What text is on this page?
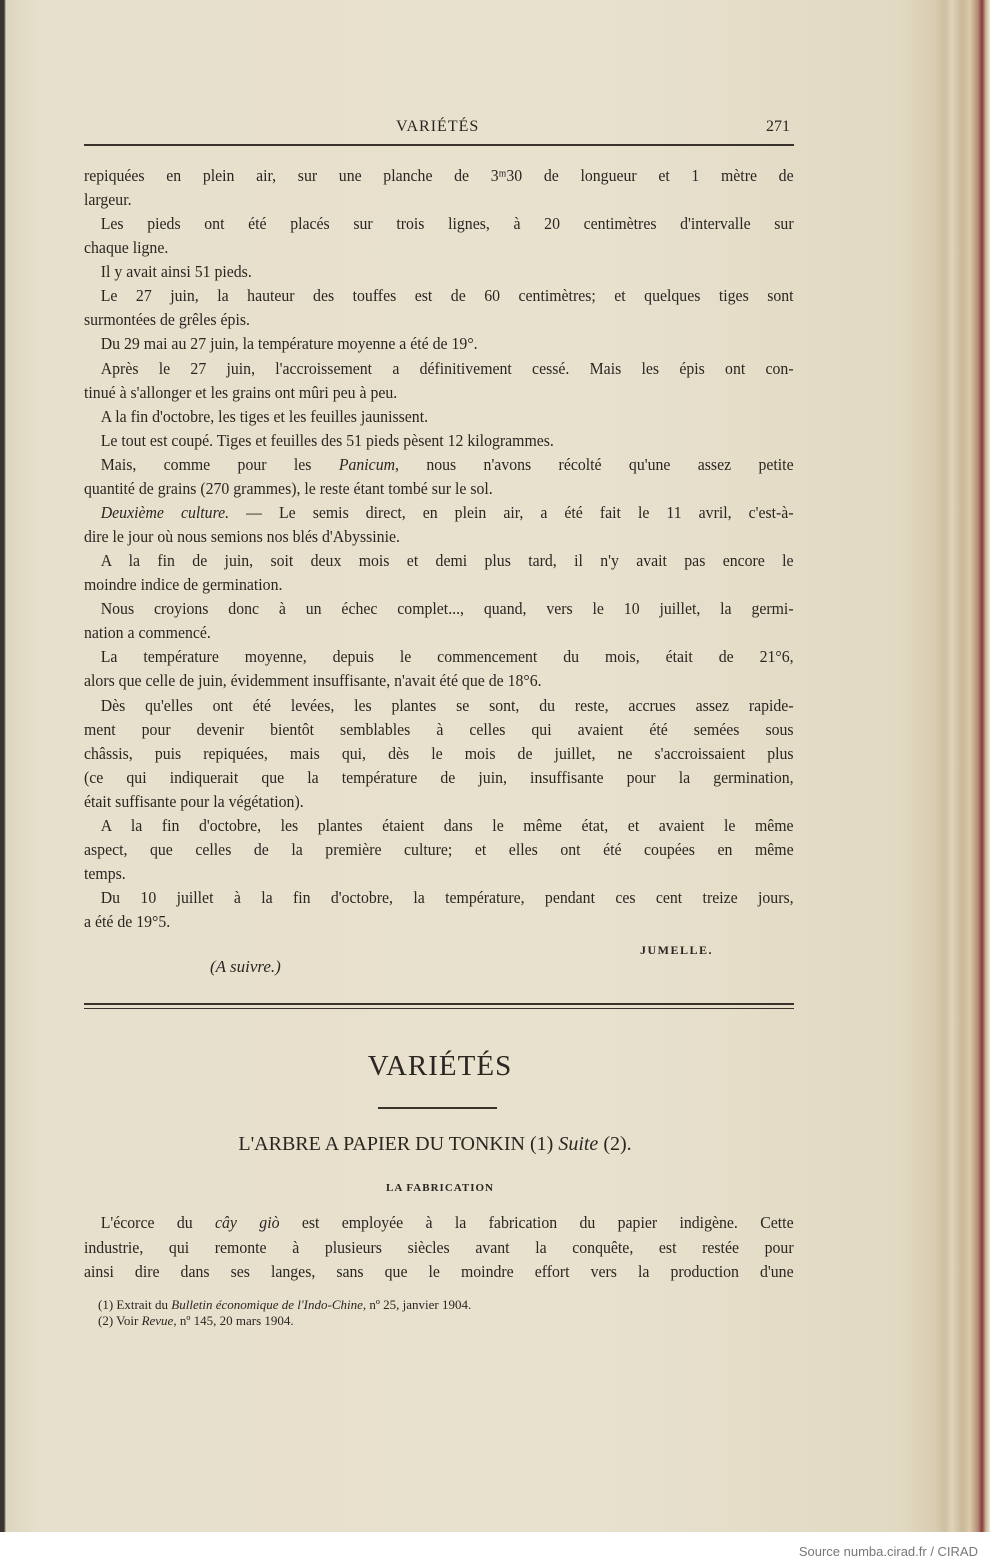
VARIÉTÉS	271
repiquées en plein air, sur une planche de 3ᵐ30 de longueur et 1 mètre de
largeur.
Les pieds ont été placés sur trois lignes, à 20 centimètres d'intervalle sur
chaque ligne.
Il y avait ainsi 51 pieds.
Le 27 juin, la hauteur des touffes est de 60 centimètres; et quelques tiges sont
surmontées de grêles épis.
Du 29 mai au 27 juin, la température moyenne a été de 19°.
Après le 27 juin, l'accroissement a définitivement cessé. Mais les épis ont con-
tinué à s'allonger et les grains ont mûri peu à peu.
A la fin d'octobre, les tiges et les feuilles jaunissent.
Le tout est coupé. Tiges et feuilles des 51 pieds pèsent 12 kilogrammes.
Mais, comme pour les Panicum, nous n'avons récolté qu'une assez petite
quantité de grains (270 grammes), le reste étant tombé sur le sol.
Deuxième culture. — Le semis direct, en plein air, a été fait le 11 avril, c'est-à-
dire le jour où nous semions nos blés d'Abyssinie.
A la fin de juin, soit deux mois et demi plus tard, il n'y avait pas encore le
moindre indice de germination.
Nous croyions donc à un échec complet..., quand, vers le 10 juillet, la germi-
nation a commencé.
La température moyenne, depuis le commencement du mois, était de 21°6,
alors que celle de juin, évidemment insuffisante, n'avait été que de 18°6.
Dès qu'elles ont été levées, les plantes se sont, du reste, accrues assez rapide-
ment pour devenir bientôt semblables à celles qui avaient été semées sous
châssis, puis repiquées, mais qui, dès le mois de juillet, ne s'accroissaient plus
(ce qui indiquerait que la température de juin, insuffisante pour la germination,
était suffisante pour la végétation).
A la fin d'octobre, les plantes étaient dans le même état, et avaient le même
aspect, que celles de la première culture; et elles ont été coupées en même
temps.
Du 10 juillet à la fin d'octobre, la température, pendant ces cent treize jours,
a été de 19°5.
JUMELLE.
(A suivre.)
VARIÉTÉS
L'ARBRE A PAPIER DU TONKIN (1) Suite (2).
LA FABRICATION
L'écorce du cây giò est employée à la fabrication du papier indigène. Cette
industrie, qui remonte à plusieurs siècles avant la conquête, est restée pour
ainsi dire dans ses langes, sans que le moindre effort vers la production d'une
(1) Extrait du Bulletin économique de l'Indo-Chine, nº 25, janvier 1904.
(2) Voir Revue, nº 145, 20 mars 1904.
Source numba.cirad.fr / CIRAD
